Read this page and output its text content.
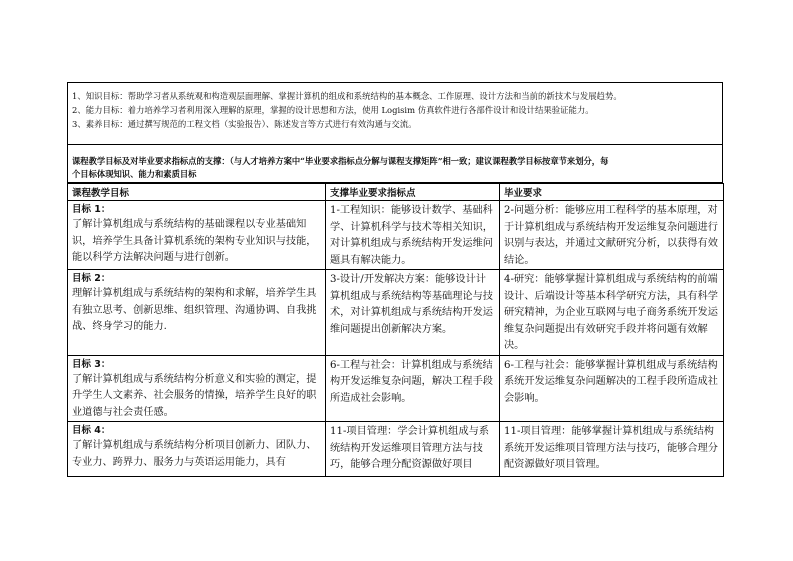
1、知识目标：帮助学习者从系统观和构造观层面理解、掌握计算机的组成和系统结构的基本概念、工作原理、设计方法和当前的新技术与发展趋势。
2、能力目标：着力培养学习者利用深入理解的原理，掌握的设计思想和方法，使用 Logisim 仿真软件进行各部件设计和设计结果验证能力。
3、素养目标：通过撰写规范的工程文档（实验报告）、陈述发言等方式进行有效沟通与交流。
课程教学目标及对毕业要求指标点的支撑：（与人才培养方案中“毕业要求指标点分解与课程支撑矩阵”相一致；建议课程教学目标按章节来划分，每
个目标体现知识、能力和素质目标
课程教学目标	支撑毕业要求指标点	毕业要求

目标 1：
了解计算机组成与系统结构的基础课程以专业基础知识，培养学生具备计算机系统的架构专业知识与技能，能以科学方法解决问题与进行创新。	1-工程知识：能够设计数学、基础科学、计算机科学与技术等相关知识，对计算机组成与系统结构开发运维问题具有解决能力。	2-问题分析：能够应用工程科学的基本原理，对于计算机组成与系统结构开发运维复杂问题进行识别与表达，并通过文献研究分析，以获得有效结论。

目标 2：
理解计算机组成与系统结构的架构和求解，培养学生具有独立思考、创新思维、组织管理、沟通协调、自我挑战、终身学习的能力.	3-设计/开发解决方案：能够设计计算机组成与系统结构等基础理论与技术，对计算机组成与系统结构开发运维问题提出创新解决方案。	4-研究：能够掌握计算机组成与系统结构的前端设计、后端设计等基本科学研究方法，具有科学研究精神，为企业互联网与电子商务系统开发运维复杂问题提出有效研究手段并将问题有效解决。

目标 3：
了解计算机组成与系统结构分析意义和实验的测定，提升学生人文素养、社会服务的情操，培养学生良好的职业道德与社会责任感。	6-工程与社会：计算机组成与系统结构开发运维复杂问题，解决工程手段所造成社会影响。	6-工程与社会：能够掌握计算机组成与系统结构系统开发运维复杂问题解决的工程手段所造成社会影响。

目标 4：
了解计算机组成与系统结构分析项目创新力、团队力、专业力、跨界力、服务力与英语运用能力，具有	11-项目管理：学会计算机组成与系统结构开发运维项目管理方法与技巧，能够合理分配资源做好项目	11-项目管理：能够掌握计算机组成与系统结构系统开发运维项目管理方法与技巧，能够合理分配资源做好项目管理。
